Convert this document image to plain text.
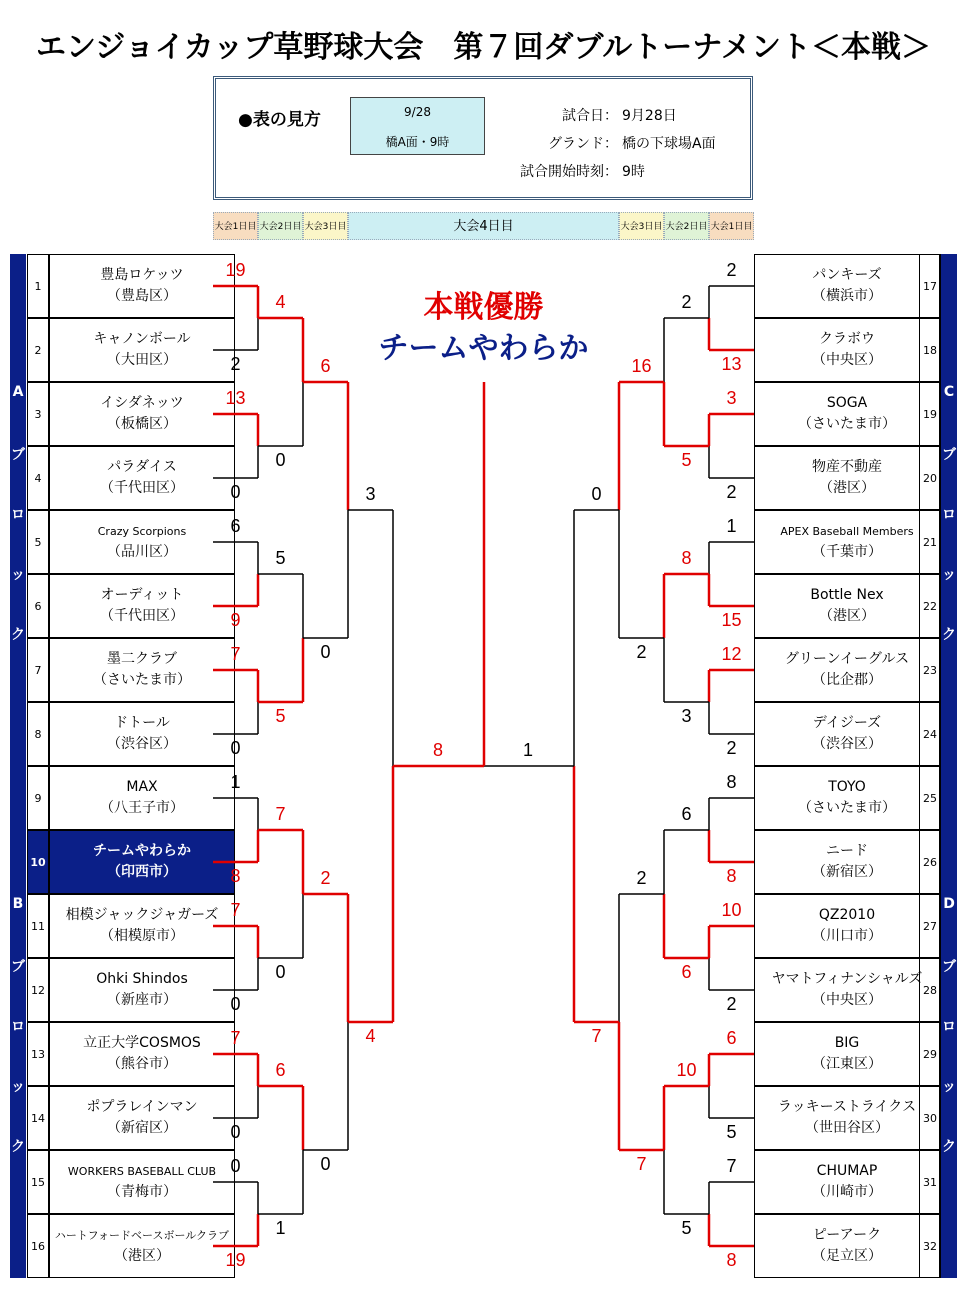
エンジョイカップ草野球大会　第７回ダブルトーナメント＜本戦＞
●表の見方	9/28
橋A面・9時
試合日： 9月28日
グランド： 橋の下球場A面
試合開始時刻： 9時
大会1日目 大会2日目 大会3日目	大会4日目	大会3日目 大会2日目 大会1日目
本戦優勝
チームやわらか
A
ブ
ロ
ッ
ク
B
ブ
ロ
ッ
ク
C
ブ
ロ
ッ
ク
D
ブ
ロ
ッ
ク
1
豊島ロケッツ
（豊島区）
2
キャノンボール
（大田区）
3
イシダネッツ
（板橋区）
4
パラダイス
（千代田区）
5
Crazy Scorpions
（品川区）
6
オーディット
（千代田区）
7
墨二クラブ
（さいたま市）
8
ドトール
（渋谷区）
9
MAX
（八王子市）
10
チームやわらか
（印西市）
11
相模ジャックジャガーズ
（相模原市）
12
Ohki Shindos
（新座市）
13
立正大学COSMOS
（熊谷市）
14
ポプラレインマン
（新宿区）
15
WORKERS BASEBALL CLUB
（青梅市）
16
ハートフォードベースボールクラブ
（港区）
17
パンキーズ
（横浜市）
18
クラボウ
（中央区）
19
SOGA
（さいたま市）
20
物産不動産
（港区）
21
APEX Baseball Members
（千葉市）
22
Bottle Nex
（港区）
23
グリーンイーグルス
（比企郡）
24
デイジーズ
（渋谷区）
25
TOYO
（さいたま市）
26
ニード
（新宿区）
27
QZ2010
（川口市）
28
ヤマトフィナンシャルズ
（中央区）
29
BIG
（江東区）
30
ラッキーストライクス
（世田谷区）
31
CHUMAP
（川崎市）
32
ピーアーク
（足立区）
19
2
13
0
6
9
7
0
1
8
7
0
7
0
0
19
4
0
5
5
7
0
6
1
6
0
2
0
3
4
2
13
3
2
1
15
12
2
8
8
10
2
6
5
7
8
2
5
8
3
6
6
10
5
16
2
2
7
0
7
8	1
